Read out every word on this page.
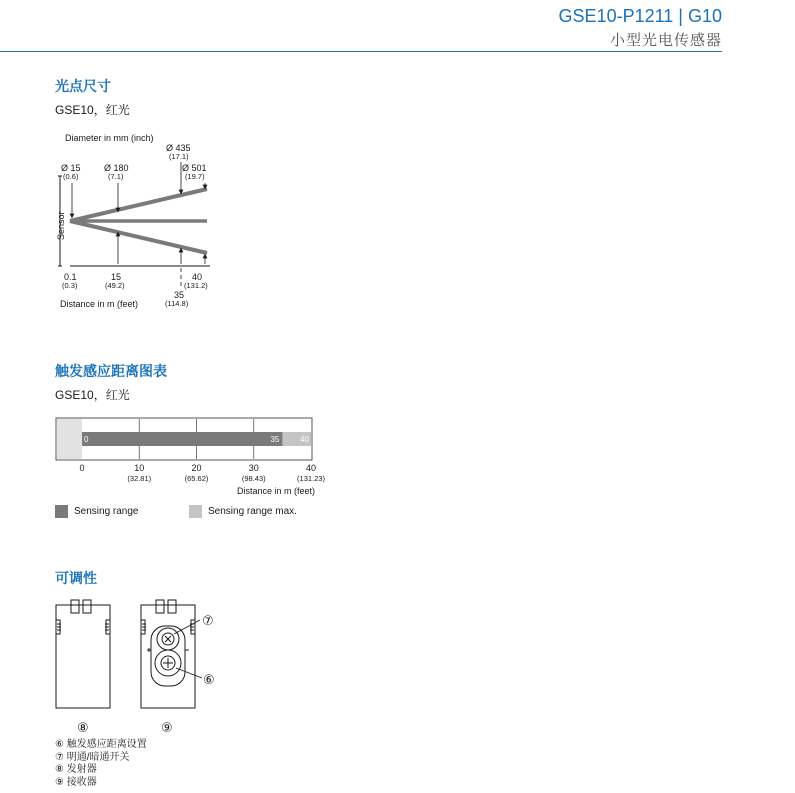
GSE10-P1211 | G10
小型光电传感器
光点尺寸
GSE10，红光
Diameter in mm (inch)
Sensor
Ø 15
(0.6)
Ø 180
(7.1)
Ø 435
(17.1)
Ø 501
(19.7)
0.1
(0.3)
15
(49.2)
35
(114.8)
40
(131.2)
Distance in m (feet)
触发感应距离图表
GSE10，红光
0	35	40
0	10
(32.81)
20
(65.62)
30
(98.43)
40
(131.23)
Distance in m (feet)
Sensing range	Sensing range max.
可调性
⑦
⑥
⑧	⑨
⑥ 触发感应距离设置
⑦ 明通/暗通开关
⑧ 发射器
⑨ 接收器
